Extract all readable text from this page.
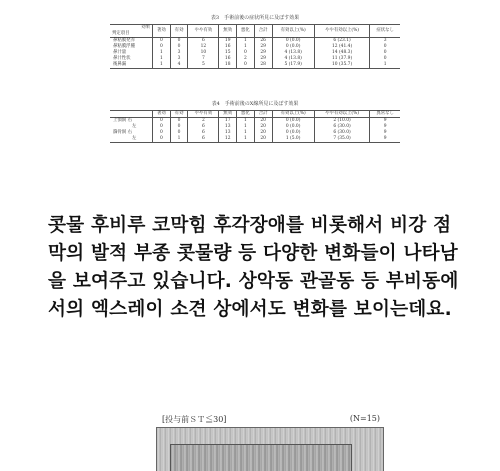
表3　手術前後の症状所見に及ぼす効果
効果
判定項目	著効	有効	やや有効	無効	悪化	合計	有効以上(%)	やや有効以上(%)	症状なし
鼻粘膜発赤	0	0	6	19	1	26	0 (0.0)	6 (23.1)	3
鼻粘膜浮腫	0	0	12	16	1	29	0 (0.0)	12 (41.4)	0
鼻汁量	1	3	10	15	0	29	4 (13.8)	14 (48.3)	0
鼻汁性状	1	3	7	16	2	29	4 (13.8)	11 (37.9)	0
後鼻漏	1	4	5	18	0	28	5 (17.9)	10 (35.7)	1
表4　手術前後のX線所見に及ぼす効果
	著効	有効	やや有効	無効	悪化	合計	有効以上(%)	やや有効以上(%)	異常なし
上顎洞 右	0	0	2	17	1	20	0 (0.0)	2 (10.0)	9
左	0	0	6	13	1	20	0 (0.0)	6 (30.0)	9
篩骨洞 右	0	0	6	13	1	20	0 (0.0)	6 (30.0)	9
左	0	1	6	12	1	20	1 (5.0)	7 (35.0)	9

콧물 후비루 코막힘 후각장애를 비롯해서 비강 점막의 발적 부종 콧물량 등 다양한 변화들이 나타남을 보여주고 있습니다. 상악동 관골동 등 부비동에서의 엑스레이 소견 상에서도 변화를 보이는데요.

[投与前ＳＴ≦30]	(N=15)
